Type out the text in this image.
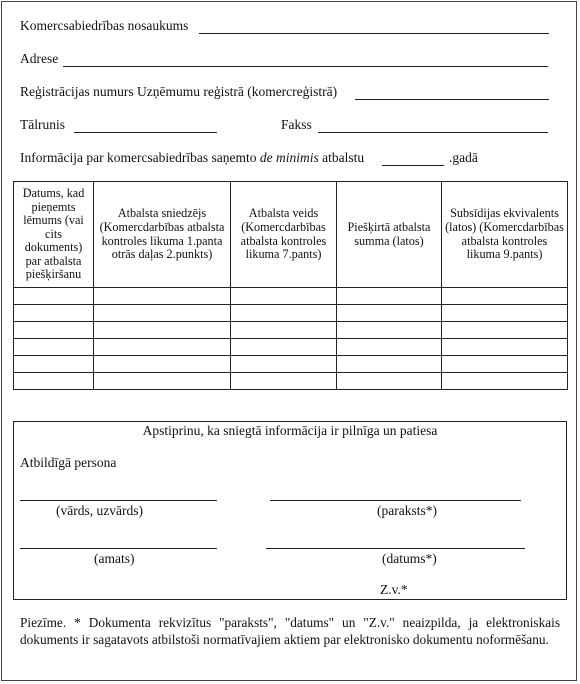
Komercsabiedrības nosaukums
Adrese
Reģistrācijas numurs Uzņēmumu reģistrā (komercreģistrā)
Tālrunis	Fakss
Informācija par komercsabiedrības saņemto de minimis atbalstu	.gadā
Datums, kad pieņemts lēmums (vai cits dokuments) par atbalsta piešķiršanu	Atbalsta sniedzējs (Komercdarbības atbalsta kontroles likuma 1.panta otrās daļas 2.punkts)	Atbalsta veids (Komercdarbības atbalsta kontroles likuma 7.pants)	Piešķirtā atbalsta summa (latos)	Subsīdijas ekvivalents (latos) (Komercdarbības atbalsta kontroles likuma 9.pants)

Apstiprinu, ka sniegtā informācija ir pilnīga un patiesa
Atbildīgā persona
(vārds, uzvārds)	(paraksts*)
(amats)	(datums*)
Z.v.*
Piezīme. * Dokumenta rekvizītus "paraksts", "datums" un "Z.v." neaizpilda, ja elektroniskais dokuments ir sagatavots atbilstoši normatīvajiem aktiem par elektronisko dokumentu noformēšanu.
